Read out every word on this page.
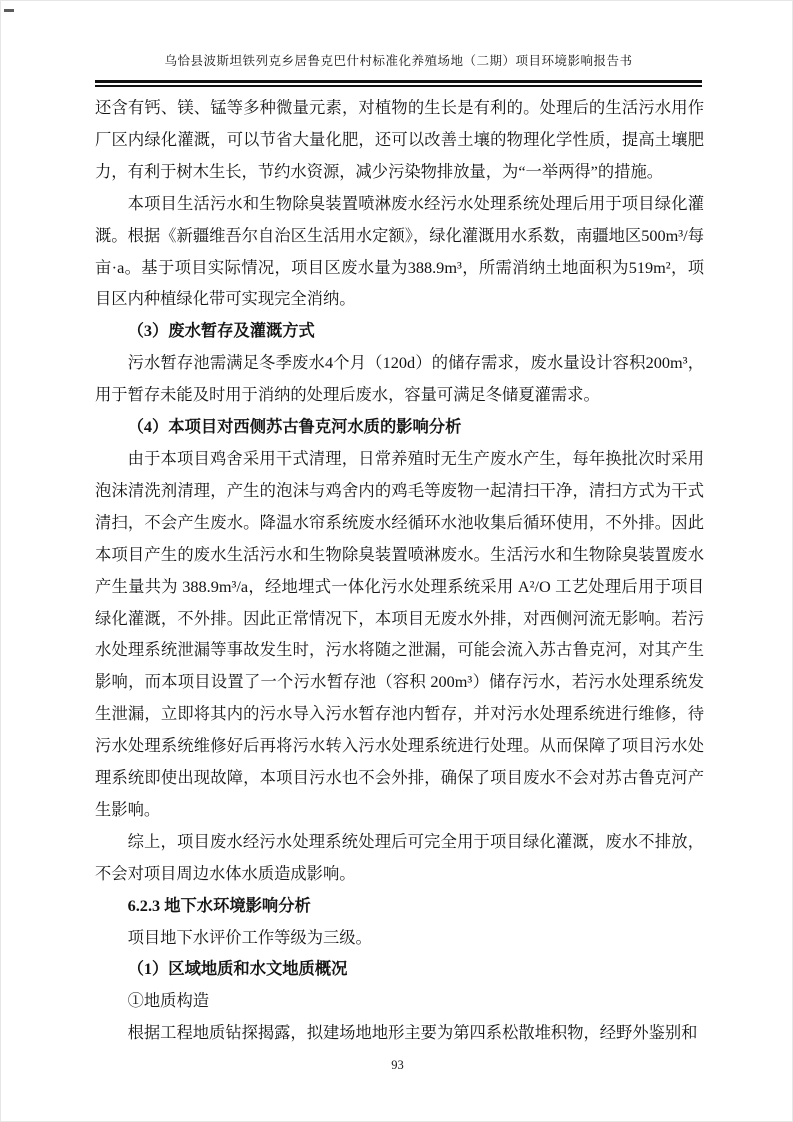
乌恰县波斯坦铁列克乡居鲁克巴什村标准化养殖场地（二期）项目环境影响报告书

还含有钙、镁、锰等多种微量元素，对植物的生长是有利的。处理后的生活污水用作厂区内绿化灌溉，可以节省大量化肥，还可以改善土壤的物理化学性质，提高土壤肥力，有利于树木生长，节约水资源，减少污染物排放量，为“一举两得”的措施。

本项目生活污水和生物除臭装置喷淋废水经污水处理系统处理后用于项目绿化灌溉。根据《新疆维吾尔自治区生活用水定额》，绿化灌溉用水系数，南疆地区500m³/每亩·a。基于项目实际情况，项目区废水量为388.9m³，所需消纳土地面积为519m²，项目区内种植绿化带可实现完全消纳。

（3）废水暂存及灌溉方式

污水暂存池需满足冬季废水4个月（120d）的储存需求，废水量设计容积200m³，用于暂存未能及时用于消纳的处理后废水，容量可满足冬储夏灌需求。

（4）本项目对西侧苏古鲁克河水质的影响分析

由于本项目鸡舍采用干式清理，日常养殖时无生产废水产生，每年换批次时采用泡沫清洗剂清理，产生的泡沫与鸡舍内的鸡毛等废物一起清扫干净，清扫方式为干式清扫，不会产生废水。降温水帘系统废水经循环水池收集后循环使用，不外排。因此本项目产生的废水生活污水和生物除臭装置喷淋废水。生活污水和生物除臭装置废水产生量共为 388.9m³/a，经地埋式一体化污水处理系统采用 A²/O 工艺处理后用于项目绿化灌溉，不外排。因此正常情况下，本项目无废水外排，对西侧河流无影响。若污水处理系统泄漏等事故发生时，污水将随之泄漏，可能会流入苏古鲁克河，对其产生影响，而本项目设置了一个污水暂存池（容积 200m³）储存污水，若污水处理系统发生泄漏，立即将其内的污水导入污水暂存池内暂存，并对污水处理系统进行维修，待污水处理系统维修好后再将污水转入污水处理系统进行处理。从而保障了项目污水处理系统即使出现故障，本项目污水也不会外排，确保了项目废水不会对苏古鲁克河产生影响。

综上，项目废水经污水处理系统处理后可完全用于项目绿化灌溉，废水不排放，不会对项目周边水体水质造成影响。

6.2.3 地下水环境影响分析

项目地下水评价工作等级为三级。

（1）区域地质和水文地质概况

①地质构造

根据工程地质钻探揭露，拟建场地地形主要为第四系松散堆积物，经野外鉴别和

93
